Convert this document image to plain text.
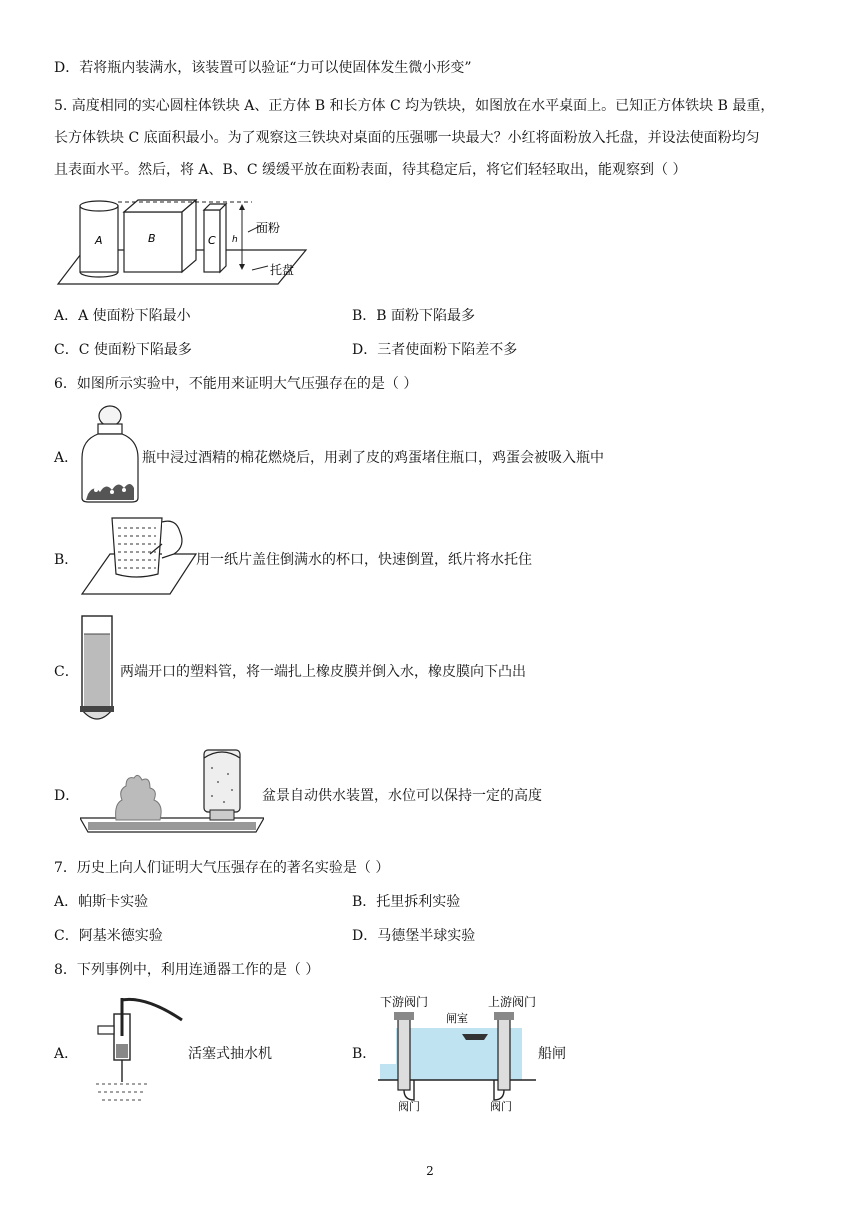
D．若将瓶内装满水，该装置可以验证“力可以使固体发生微小形变”
5. 高度相同的实心圆柱体铁块 A、正方体 B 和长方体 C 均为铁块，如图放在水平桌面上。已知正方体铁块 B 最重，
长方体铁块 C 底面积最小。为了观察这三铁块对桌面的压强哪一块最大？小红将面粉放入托盘，并设法使面粉均匀
且表面水平。然后，将 A、B、C 缓缓平放在面粉表面，待其稳定后，将它们轻轻取出，能观察到（ ）
A	B	C h
面粉
托盘
A．A 使面粉下陷最小	B．B 面粉下陷最多
C．C 使面粉下陷最多	D．三者使面粉下陷差不多
6．如图所示实验中，不能用来证明大气压强存在的是（ ）
A．	瓶中浸过酒精的棉花燃烧后，用剥了皮的鸡蛋堵住瓶口，鸡蛋会被吸入瓶中
B．	用一纸片盖住倒满水的杯口，快速倒置，纸片将水托住
C．	两端开口的塑料管，将一端扎上橡皮膜并倒入水，橡皮膜向下凸出
D．	盆景自动供水装置，水位可以保持一定的高度
7．历史上向人们证明大气压强存在的著名实验是（ ）
A．帕斯卡实验	B．托里拆利实验
C．阿基米德实验	D．马德堡半球实验
8．下列事例中，利用连通器工作的是（ ）
A．	活塞式抽水机	B．
下游阀门	上游阀门
闸室
阀门	阀门
船闸
2
